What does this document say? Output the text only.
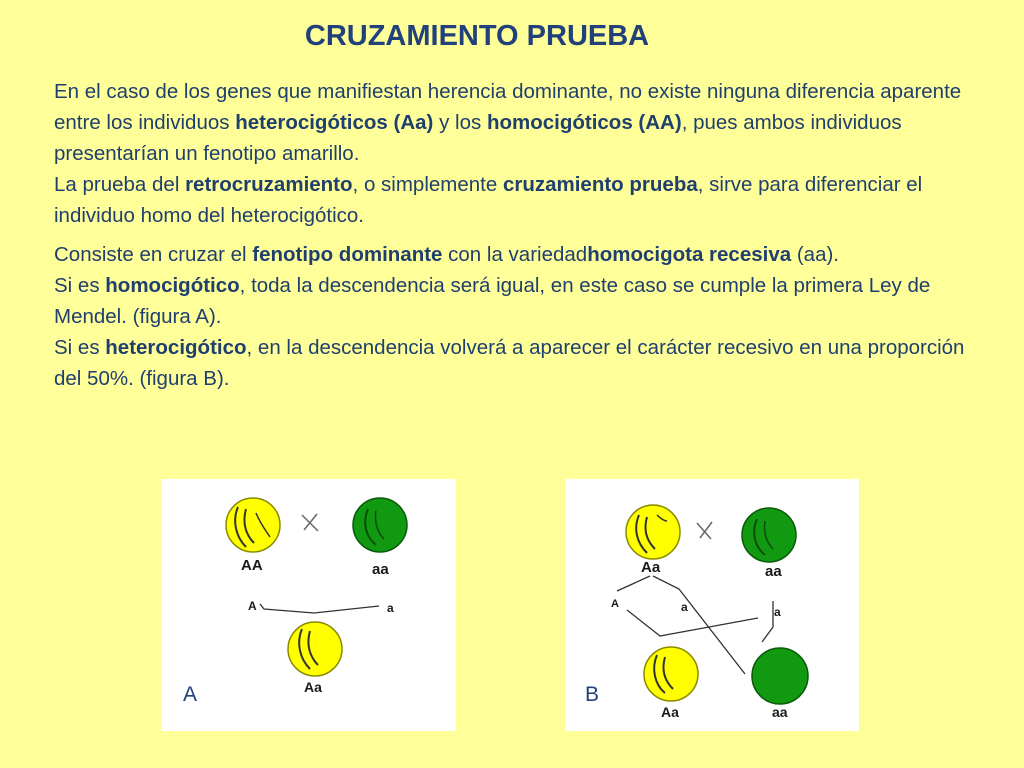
CRUZAMIENTO PRUEBA

En el caso de los genes que manifiestan herencia dominante, no existe ninguna diferencia aparente entre los individuos heterocigóticos (Aa) y los homocigóticos (AA), pues ambos individuos presentarían un fenotipo amarillo.

La prueba del retrocruzamiento, o simplemente cruzamiento prueba, sirve para diferenciar el individuo homo del heterocigótico.

Consiste en cruzar el fenotipo dominante con la variedadhomocigota recesiva (aa).

Si es homocigótico, toda la descendencia será igual, en este caso se cumple la primera Ley de Mendel. (figura A).

Si es heterocigótico, en la descendencia volverá a aparecer el carácter recesivo en una proporción del 50%. (figura B).

AA	aa
A	a
Aa
A
Aa	aa
A	a	a
Aa	aa
B
